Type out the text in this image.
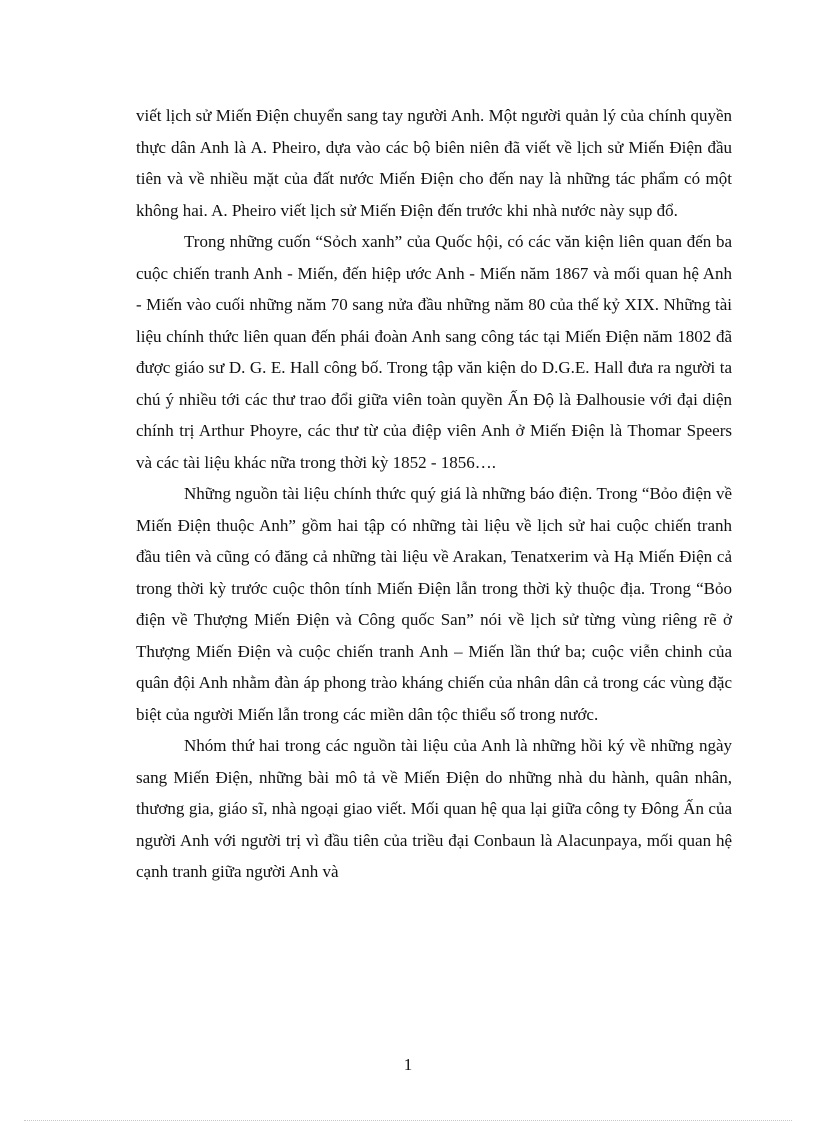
viết lịch sử Miến Điện chuyển sang tay người Anh. Một người quản lý của chính quyền thực dân Anh là A. Pheiro, dựa vào các bộ biên niên đã viết về lịch sử Miến Điện đầu tiên và về nhiều mặt của đất nước Miến Điện cho đến nay là những tác phẩm có một không hai. A. Pheiro viết lịch sử Miến Điện đến trước khi nhà nước này sụp đổ.

Trong những cuốn “Sỏch xanh” của Quốc hội, có các văn kiện liên quan đến ba cuộc chiến tranh Anh - Miến, đến hiệp ước Anh - Miến năm 1867 và mối quan hệ Anh - Miến vào cuối những năm 70 sang nửa đầu những năm 80 của thế kỷ XIX. Những tài liệu chính thức liên quan đến phái đoàn Anh sang công tác tại Miến Điện năm 1802 đã được giáo sư D. G. E. Hall công bố. Trong tập văn kiện do D.G.E. Hall đưa ra người ta chú ý nhiều tới các thư trao đổi giữa viên toàn quyền Ấn Độ là Đalhousie với đại diện chính trị Arthur Phoyre, các thư từ của điệp viên Anh ở Miến Điện là Thomar Speers và các tài liệu khác nữa trong thời kỳ 1852 - 1856….

Những nguồn tài liệu chính thức quý giá là những báo điện. Trong “Bỏo điện về Miến Điện thuộc Anh” gồm hai tập có những tài liệu về lịch sử hai cuộc chiến tranh đầu tiên và cũng có đăng cả những tài liệu về Arakan, Tenatxerim và Hạ Miến Điện cả trong thời kỳ trước cuộc thôn tính Miến Điện lẫn trong thời kỳ thuộc địa. Trong “Bỏo điện về Thượng Miến Điện và Công quốc San” nói về lịch sử từng vùng riêng rẽ ở Thượng Miến Điện và cuộc chiến tranh Anh – Miến lần thứ ba; cuộc viễn chinh của quân đội Anh nhằm đàn áp phong trào kháng chiến của nhân dân cả trong các vùng đặc biệt của người Miến lẫn trong các miền dân tộc thiểu số trong nước.

Nhóm thứ hai trong các nguồn tài liệu của Anh là những hồi ký về những ngày sang Miến Điện, những bài mô tả về Miến Điện do những nhà du hành, quân nhân, thương gia, giáo sĩ, nhà ngoại giao viết. Mối quan hệ qua lại giữa công ty Đông Ấn của người Anh với người trị vì đầu tiên của triều đại Conbaun là Alacunpaya, mối quan hệ cạnh tranh giữa người Anh và

1
